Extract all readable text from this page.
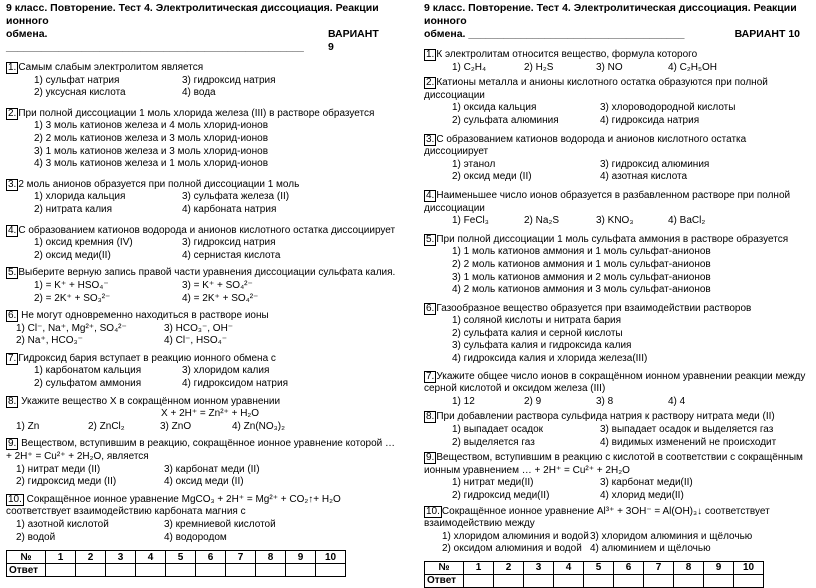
9 класс. Повторение. Тест 4. Электролитическая диссоциация. Реакции ионного
обмена. ___________________________________________________
ВАРИАНТ 9
1. Самым слабым электролитом является
1) сульфат натрия	3) гидроксид натрия
2) уксусная кислота	4) вода
2. При полной диссоциации 1 моль хлорида железа (III) в растворе образуется
1) 3 моль катионов железа и 4 моль хлорид-ионов
2) 2 моль катионов железа и 3 моль хлорид-ионов
3) 1 моль катионов железа и 3 моль хлорид-ионов
4) 3 моль катионов железа и 1 моль хлорид-ионов
3. 2 моль анионов образуется при полной диссоциации 1 моль
1) хлорида кальция	3) сульфата железа (II)
2) нитрата калия	4) карбоната натрия
4. С образованием катионов водорода и анионов кислотного остатка диссоциирует
1) оксид кремния (IV)	3) гидроксид натрия
2) оксид меди(II)	4) сернистая кислота
5. Выберите верную запись правой части уравнения диссоциации сульфата калия.
1) = K⁺ + HSO₄⁻	3) = K⁺ + SO₄²⁻
2) = 2K⁺ + SO₃²⁻	4) = 2K⁺ + SO₄²⁻
6. Не могут одновременно находиться в растворе ионы
1) Cl⁻, Na⁺, Mg²⁺, SO₄²⁻	3) HCO₃⁻, OH⁻
2) Na⁺, HCO₃⁻	4) Cl⁻, HSO₄⁻
7. Гидроксид бария вступает в реакцию ионного обмена с
1) карбонатом кальция	3) хлоридом калия
2) сульфатом аммония	4) гидроксидом натрия
8. Укажите вещество X в сокращённом ионном уравнении
X + 2H⁺ = Zn²⁺ + H₂O
1) Zn	2) ZnCl₂	3) ZnO	4) Zn(NO₃)₂
9. Веществом, вступившим в реакцию, сокращённое ионное уравнение которой … + 2H⁺ = Cu²⁺ + 2H₂O, является
1) нитрат меди (II)	3) карбонат меди (II)
2) гидроксид меди (II)	4) оксид меди (II)
10. Сокращённое ионное уравнение MgCO₃ + 2H⁺ = Mg²⁺ + CO₂↑+ H₂O соответствует взаимодействию карбоната магния с
1) азотной кислотой	3) кремниевой кислотой
2) водой	4) водородом
№	1	2	3	4	5	6	7	8	9	10
Ответ										
9 класс. Повторение. Тест 4. Электролитическая диссоциация. Реакции ионного
обмена. _____________________________________	ВАРИАНТ 10
1. К электролитам относится вещество, формула которого
1) C₂H₄	2) H₂S	3) NO	4) C₂H₅OH
2. Катионы металла и анионы кислотного остатка образуются при полной диссоциации
1) оксида кальция	3) хлороводородной кислоты
2) сульфата алюминия	4) гидроксида натрия
3. С образованием катионов водорода и анионов кислотного остатка диссоциирует
1) этанол	3) гидроксид алюминия
2) оксид меди (II)	4) азотная кислота
4. Наименьшее число ионов образуется в разбавленном растворе при полной диссоциации
1) FeCl₃	2) Na₂S	3) KNO₃	4) BaCl₂
5. При полной диссоциации 1 моль сульфата аммония в растворе образуется
1) 1 моль катионов аммония и 1 моль сульфат-анионов
2) 2 моль катионов аммония и 1 моль сульфат-анионов
3) 1 моль катионов аммония и 2 моль сульфат-анионов
4) 2 моль катионов аммония и 3 моль сульфат-анионов
6. Газообразное вещество образуется при взаимодействии растворов
1) соляной кислоты и нитрата бария
2) сульфата калия и серной кислоты
3) сульфата калия и гидроксида калия
4) гидроксида калия и хлорида железа(III)
7. Укажите общее число ионов в сокращённом ионном уравнении реакции между серной кислотой и оксидом железа (III)
1) 12	2) 9	3) 8	4) 4
8. При добавлении раствора сульфида натрия к раствору нитрата меди (II)
1) выпадает осадок	3) выпадает осадок и выделяется газ
2) выделяется газ	4) видимых изменений не происходит
9. Веществом, вступившим в реакцию с кислотой в соответствии с сокращённым ионным уравнением … + 2H⁺ = Cu²⁺ + 2H₂O
1) нитрат меди(II)	3) карбонат меди(II)
2) гидроксид меди(II)	4) хлорид меди(II)
10. Сокращённое ионное уравнение Al³⁺ + 3OH⁻ = Al(OH)₃↓ соответствует взаимодействию между
1) хлоридом алюминия и водой 3) хлоридом алюминия и щёлочью
2) оксидом алюминия и водой 4) алюминием и щёлочью
№	1	2	3	4	5	6	7	8	9	10
Ответ										
